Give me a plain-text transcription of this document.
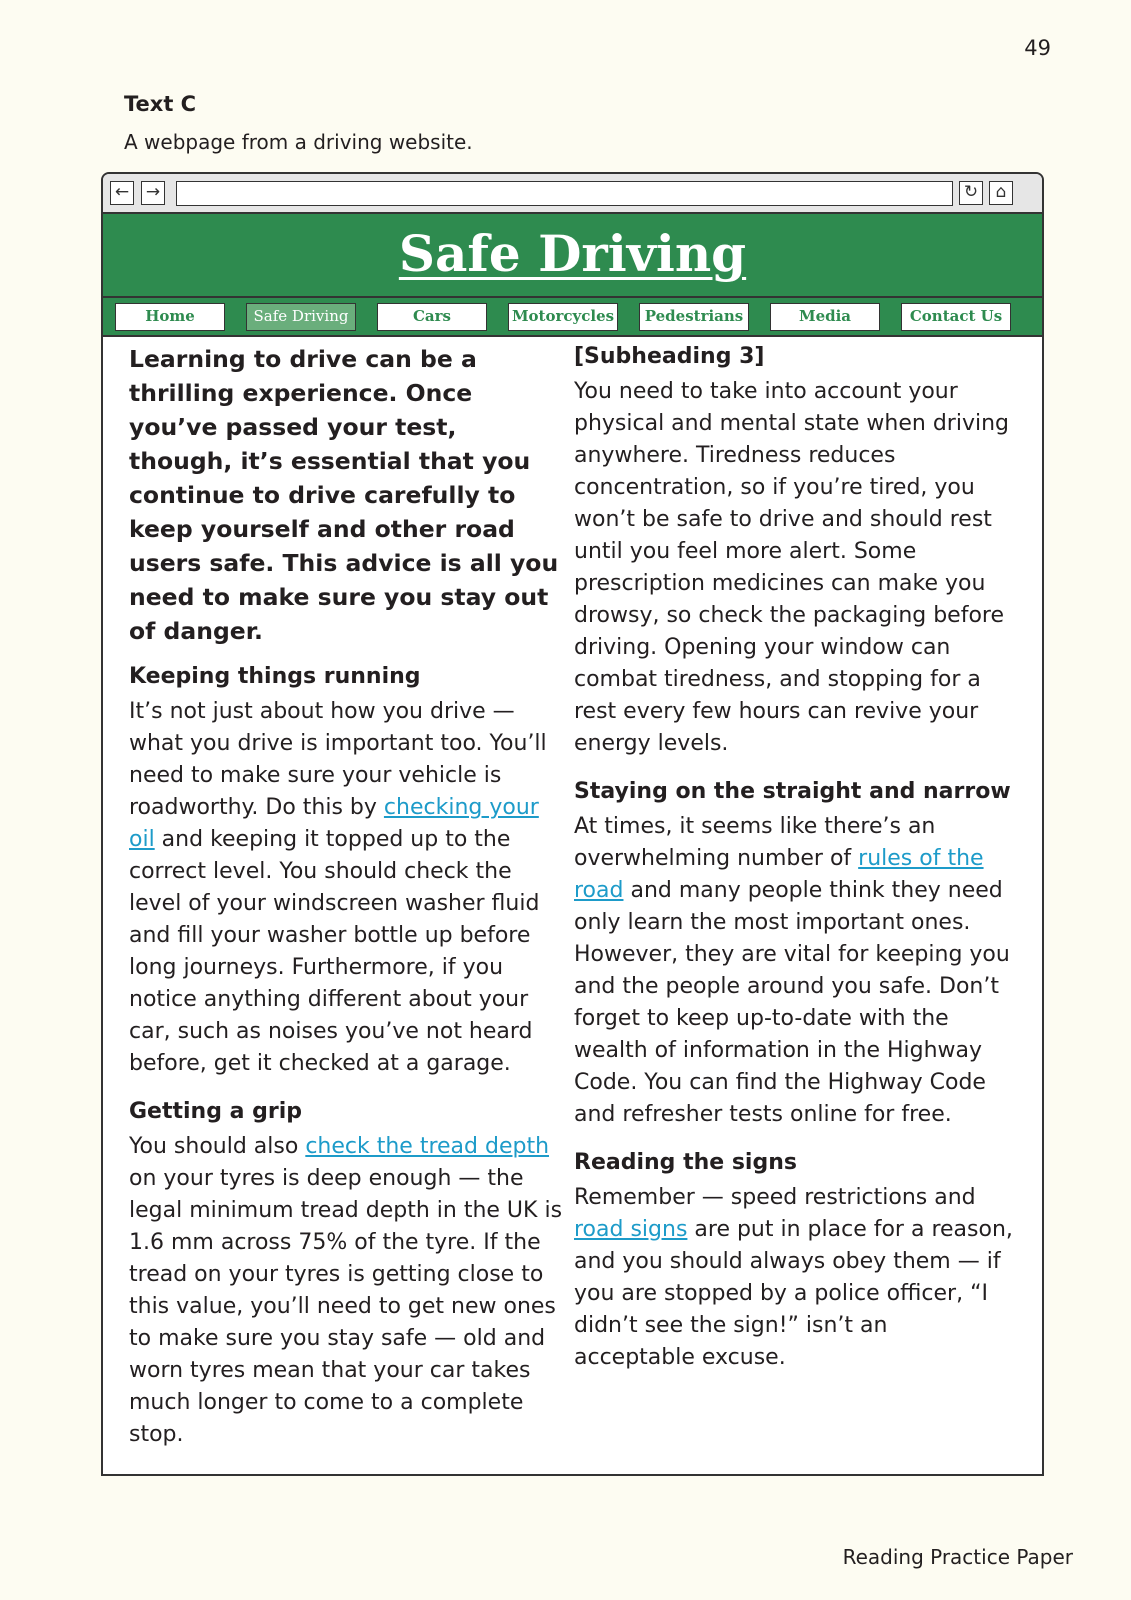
49
Text C
A webpage from a driving website.
← →	↻	⌂
Safe Driving
Home	Safe Driving	Cars	Motorcycles	Pedestrians	Media	Contact Us

Learning to drive can be a thrilling experience. Once you’ve passed your test, though, it’s essential that you continue to drive carefully to keep yourself and other road users safe. This advice is all you need to make sure you stay out of danger.

Keeping things running

It’s not just about how you drive — what you drive is important too. You’ll need to make sure your vehicle is roadworthy. Do this by checking your oil and keeping it topped up to the correct level. You should check the level of your windscreen washer fluid and fill your washer bottle up before long journeys. Furthermore, if you notice anything different about your car, such as noises you’ve not heard before, get it checked at a garage.

Getting a grip

You should also check the tread depth on your tyres is deep enough — the legal minimum tread depth in the UK is 1.6 mm across 75% of the tyre. If the tread on your tyres is getting close to this value, you’ll need to get new ones to make sure you stay safe — old and worn tyres mean that your car takes much longer to come to a complete stop.

[Subheading 3]

You need to take into account your physical and mental state when driving anywhere. Tiredness reduces concentration, so if you’re tired, you won’t be safe to drive and should rest until you feel more alert. Some prescription medicines can make you drowsy, so check the packaging before driving. Opening your window can combat tiredness, and stopping for a rest every few hours can revive your energy levels.

Staying on the straight and narrow

At times, it seems like there’s an overwhelming number of rules of the road and many people think they need only learn the most important ones. However, they are vital for keeping you and the people around you safe. Don’t forget to keep up-to-date with the wealth of information in the Highway Code. You can find the Highway Code and refresher tests online for free.

Reading the signs

Remember — speed restrictions and road signs are put in place for a reason, and you should always obey them — if you are stopped by a police officer, “I didn’t see the sign!” isn’t an acceptable excuse.

Reading Practice Paper
